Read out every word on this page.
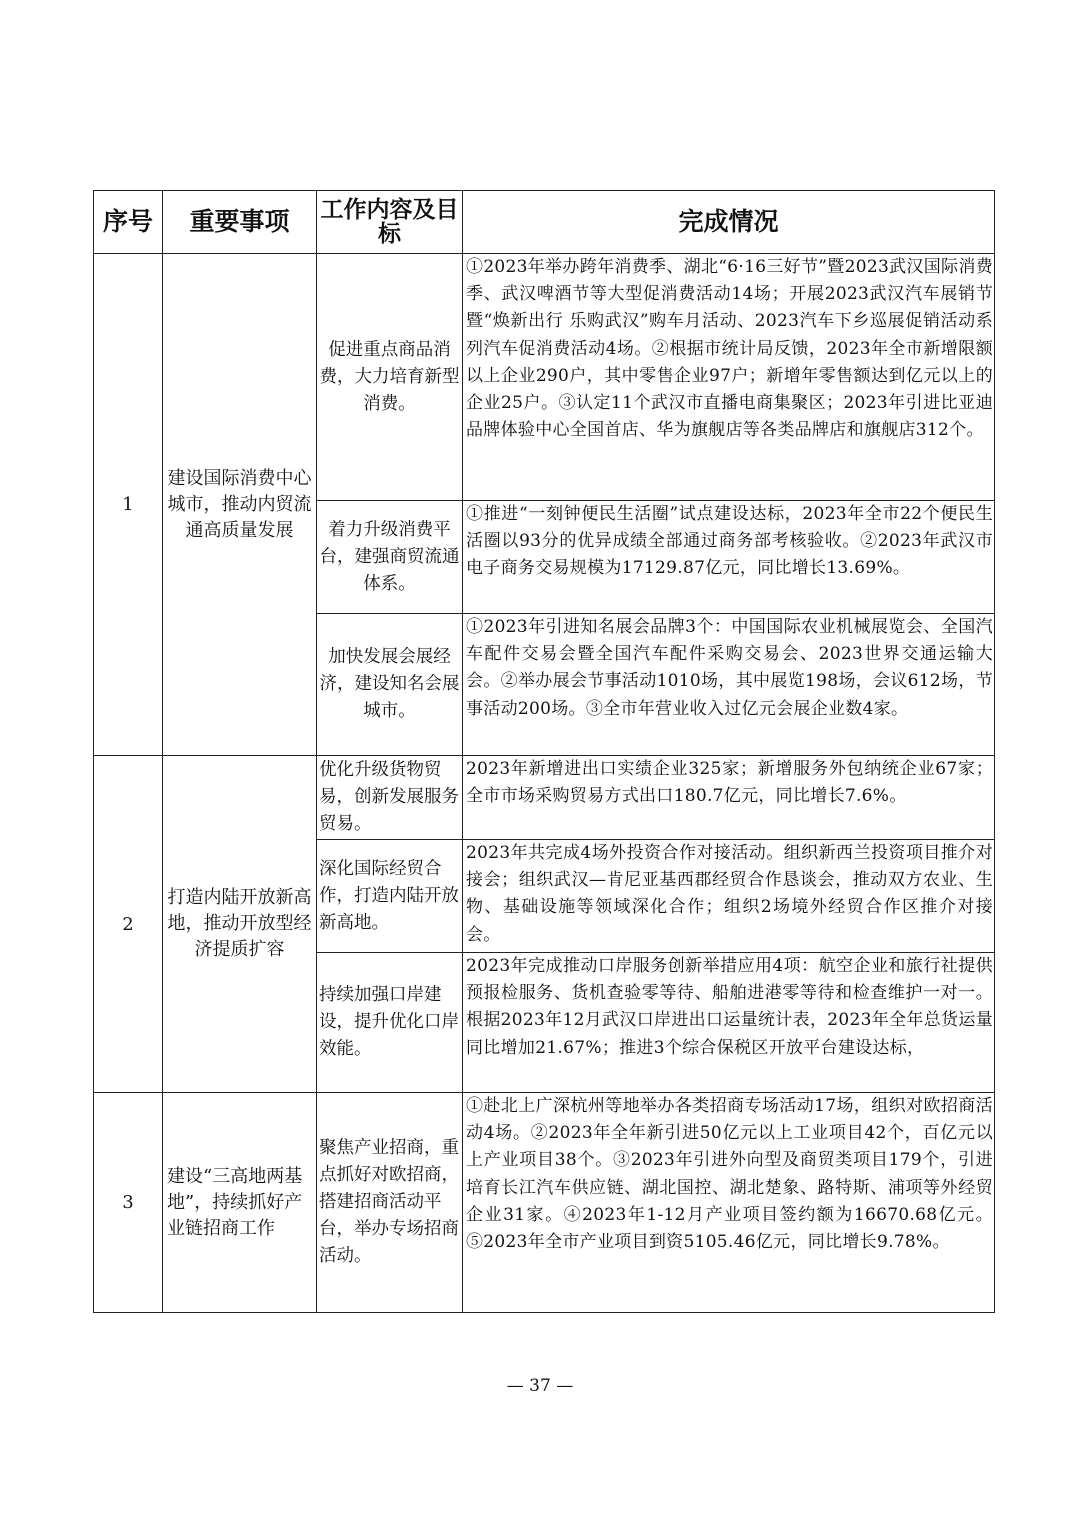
序号	重要事项	工作内容及目标	完成情况
1	建设国际消费中心城市，推动内贸流通高质量发展	促进重点商品消费，大力培育新型消费。	①2023年举办跨年消费季、湖北“6·16三好节”暨2023武汉国际消费季、武汉啤酒节等大型促消费活动14场；开展2023武汉汽车展销节暨“焕新出行 乐购武汉”购车月活动、2023汽车下乡巡展促销活动系列汽车促消费活动4场。②根据市统计局反馈，2023年全市新增限额以上企业290户，其中零售企业97户；新增年零售额达到亿元以上的企业25户。③认定11个武汉市直播电商集聚区；2023年引进比亚迪品牌体验中心全国首店、华为旗舰店等各类品牌店和旗舰店312个。
		着力升级消费平台，建强商贸流通体系。	①推进“一刻钟便民生活圈”试点建设达标，2023年全市22个便民生活圈以93分的优异成绩全部通过商务部考核验收。②2023年武汉市电子商务交易规模为17129.87亿元，同比增长13.69%。
		加快发展会展经济，建设知名会展城市。	①2023年引进知名展会品牌3个：中国国际农业机械展览会、全国汽车配件交易会暨全国汽车配件采购交易会、2023世界交通运输大会。②举办展会节事活动1010场，其中展览198场，会议612场，节事活动200场。③全市年营业收入过亿元会展企业数4家。
2	打造内陆开放新高地，推动开放型经济提质扩容	优化升级货物贸易，创新发展服务贸易。	2023年新增进出口实绩企业325家；新增服务外包纳统企业67家；全市市场采购贸易方式出口180.7亿元，同比增长7.6%。
		深化国际经贸合作，打造内陆开放新高地。	2023年共完成4场外投资合作对接活动。组织新西兰投资项目推介对接会；组织武汉—肯尼亚基西郡经贸合作恳谈会，推动双方农业、生物、基础设施等领域深化合作；组织2场境外经贸合作区推介对接会。
		持续加强口岸建设，提升优化口岸效能。	2023年完成推动口岸服务创新举措应用4项：航空企业和旅行社提供预报检服务、货机查验零等待、船舶进港零等待和检查维护一对一。根据2023年12月武汉口岸进出口运量统计表，2023年全年总货运量同比增加21.67%；推进3个综合保税区开放平台建设达标，
3	建设“三高地两基地”，持续抓好产业链招商工作	聚焦产业招商，重点抓好对欧招商，搭建招商活动平台，举办专场招商活动。	①赴北上广深杭州等地举办各类招商专场活动17场，组织对欧招商活动4场。②2023年全年新引进50亿元以上工业项目42个，百亿元以上产业项目38个。③2023年引进外向型及商贸类项目179个，引进培育长江汽车供应链、湖北国控、湖北楚象、路特斯、浦项等外经贸企业31家。④2023年1-12月产业项目签约额为16670.68亿元。⑤2023年全市产业项目到资5105.46亿元，同比增长9.78%。
— 37 —
